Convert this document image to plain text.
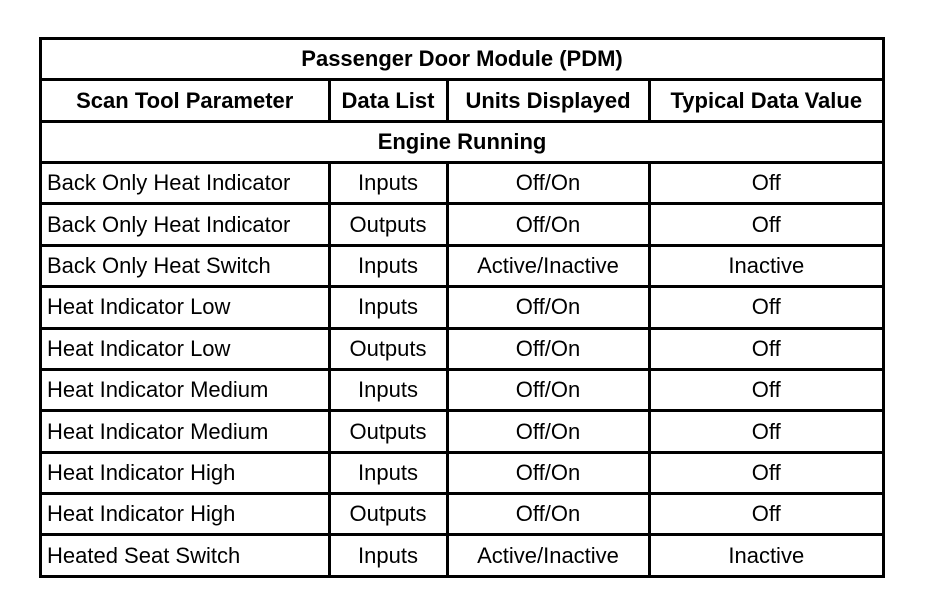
Passenger Door Module (PDM)			
Scan Tool Parameter	Data List	Units Displayed	Typical Data Value
Engine Running			
Back Only Heat Indicator	Inputs	Off/On	Off
Back Only Heat Indicator	Outputs	Off/On	Off
Back Only Heat Switch	Inputs	Active/Inactive	Inactive
Heat Indicator Low	Inputs	Off/On	Off
Heat Indicator Low	Outputs	Off/On	Off
Heat Indicator Medium	Inputs	Off/On	Off
Heat Indicator Medium	Outputs	Off/On	Off
Heat Indicator High	Inputs	Off/On	Off
Heat Indicator High	Outputs	Off/On	Off
Heated Seat Switch	Inputs	Active/Inactive	Inactive
